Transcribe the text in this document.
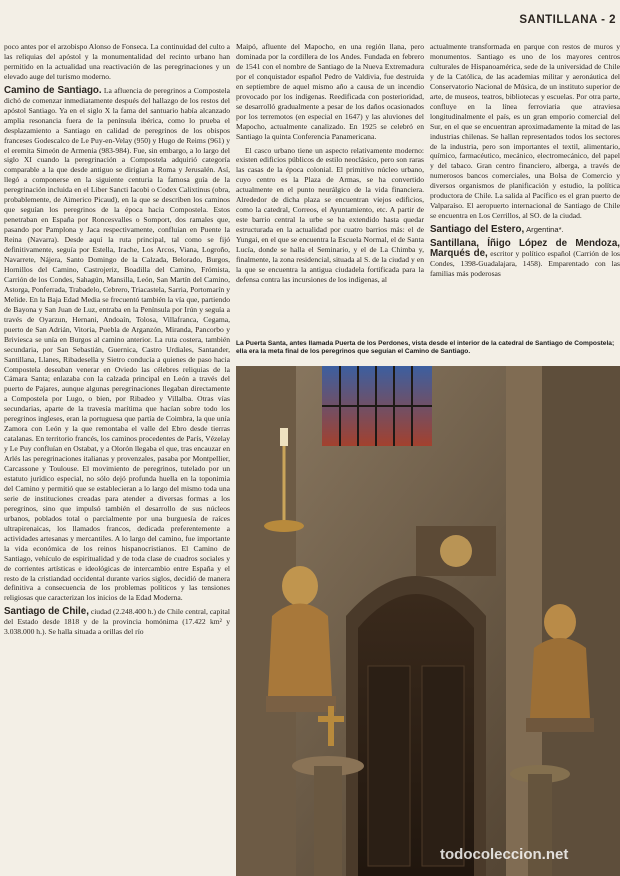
SANTILLANA - 2

poco antes por el arzobispo Alonso de Fonseca. La continuidad del culto a las reliquias del apóstol y la monumentalidad del recinto urbano han permitido en la actualidad una reactivación de las peregrinaciones y un elevado auge del turismo moderno.

Camino de Santiago. La afluencia de peregrinos a Compostela dichó de comenzar inmediatamente después del hallazgo de los restos del apóstol Santiago. Ya en el siglo X la fama del santuario había alcanzado amplia resonancia fuera de la península ibérica, como lo prueba el desplazamiento a Santiago en calidad de peregrinos de los obispos franceses Godescalco de Le Puy-en-Velay (950) y Hugo de Reims (961) y el eremita Simeón de Armenia (983-984). Fue, sin embargo, a lo largo del siglo XI cuando la peregrinación a Compostela adquirió categoría comparable a la que desde antiguo se dirigían a Roma y Jerusalén. Así, llegó a componerse en la siguiente centuria la famosa guía de la peregrinación incluida en el Liber Sancti Iacobi o Codex Calixtinus (obra, probablemente, de Aimerico Picaud), en la que se describen los caminos que seguían los peregrinos de la época hacia Compostela. Estos penetraban en España por Roncesvalles o Somport, dos ramales que, pasando por Pamplona y Jaca respectivamente, confluían en Puente la Reina (Navarra). Desde aquí la ruta principal, tal como se fijó definitivamente, seguía por Estella, Irache, Los Arcos, Viana, Logroño, Navarrete, Nájera, Santo Domingo de la Calzada, Belorado, Burgos, Hornillos del Camino, Castrojeriz, Boadilla del Camino, Frómista, Carrión de los Condes, Sahagún, Mansilla, León, San Martín del Camino, Astorga, Ponferrada, Trabadelo, Cebrero, Triacastela, Sarria, Portomarín y Melide. En la Baja Edad Media se frecuentó también la vía que, partiendo de Bayona y San Juan de Luz, entraba en la Península por Irún y seguía a través de Oyarzun, Hernani, Andoaín, Tolosa, Villafranca, Cegama, puerto de San Adrián, Vitoria, Puebla de Arganzón, Miranda, Pancorbo y Briviesca se unía en Burgos al camino anterior. La ruta costera, también secundaria, por San Sebastián, Guernica, Castro Urdiales, Santander, Santillana, Llanes, Ribadesella y Sietro conducía a quienes de paso hacia Compostela deseaban venerar en Oviedo las célebres reliquias de la Cámara Santa; enlazaba con la calzada principal en León a través del puerto de Pajares, aunque algunas peregrinaciones llegaban directamente a Compostela por Lugo, o bien, por Ribadeo y Villalba. Otras vías secundarias, aparte de la travesía marítima que hacían sobre todo los peregrinos ingleses, eran la portuguesa que partía de Coimbra, la que unía Zamora con León y la que remontaba el valle del Ebro desde tierras catalanas. En territorio francés, los caminos procedentes de París, Vézelay y Le Puy confluían en Ostabat, y a Olorón llegaba el que, tras encauzar en Arlés las peregrinaciones italianas y provenzales, pasaba por Montpellier, Carcassone y Toulouse. El movimiento de peregrinos, tutelado por un estatuto jurídico especial, no sólo dejó profunda huella en la toponimia del Camino y permitió que se establecieran a lo largo del mismo toda una serie de instituciones creadas para atender a diversas formas a los peregrinos, sino que impulsó también el desarrollo de sus núcleos urbanos, poblados total o parcialmente por una burguesía de raíces ultrapirenaicas, los llamados francos, dedicada preferentemente a actividades artesanas y mercantiles. A lo largo del camino, fue importante la vida económica de los reinos hispanocristianos. El Camino de Santiago, vehículo de espiritualidad y de toda clase de cuadros sociales y de corrientes artísticas e ideológicas de intercambio entre España y el resto de la cristiandad occidental durante varios siglos, decidió de manera definitiva a consecuencia de los problemas políticos y las tensiones religiosas que caracterizan los inicios de la Edad Moderna.

Santiago de Chile, ciudad (2.248.400 h.) de Chile central, capital del Estado desde 1818 y de la provincia homónima (17.422 km² y 3.038.000 h.). Se halla situada a orillas del río

Maipó, afluente del Mapocho, en una región llana, pero dominada por la cordillera de los Andes. Fundada en febrero de 1541 con el nombre de Santiago de la Nueva Extremadura por el conquistador español Pedro de Valdivia, fue destruida en septiembre de aquel mismo año a causa de un incendio provocado por los indígenas. Reedificada con posterioridad, se desarrolló gradualmente a pesar de los daños ocasionados por los terremotos (en especial en 1647) y las aluviones del Mapocho, actualmente canalizado. En 1925 se celebró en Santiago la quinta Conferencia Panamericana.

El casco urbano tiene un aspecto relativamente moderno: existen edificios públicos de estilo neoclásico, pero son raras las casas de la época colonial. El primitivo núcleo urbano, cuyo centro es la Plaza de Armas, se ha convertido actualmente en el punto neurálgico de la vida financiera. Alrededor de dicha plaza se encuentran viejos edificios, como la catedral, Correos, el Ayuntamiento, etc. A partir de este barrio central la urbe se ha extendido hasta quedar estructurada en la actualidad por cuatro barrios más: el de Yungai, en el que se encuentra la Escuela Normal, el de Santa Lucía, donde se halla el Seminario, y el de La Chimba y, finalmente, la zona residencial, situada al S. de la ciudad y en la que se encuentra la antigua ciudadela fortificada para la defensa contra las incursiones de los indígenas, al

actualmente transformada en parque con restos de muros y monumentos. Santiago es uno de los mayores centros culturales de Hispanoamérica, sede de la universidad de Chile y de la Católica, de las academias militar y aeronáutica del Conservatorio Nacional de Música, de un instituto superior de arte, de museos, teatros, bibliotecas y escuelas. Por otra parte, confluye en la línea ferroviaria que atraviesa longitudinalmente el país, es un gran emporio comercial del Sur, en el que se encuentran aproximadamente la mitad de las industrias chilenas. Se hallan representados todos los sectores de la industria, pero son importantes el textil, alimentario, químico, farmacéutico, mecánico, electromecánico, del papel y del tabaco. Gran centro financiero, alberga, a través de numerosos bancos comerciales, una Bolsa de Comercio y diversos organismos de planificación y estudio, la política productora de Chile. La salida al Pacífico es el gran puerto de Valparaíso. El aeropuerto internacional de Santiago de Chile se encuentra en Los Cerrillos, al SO. de la ciudad.

Santiago del Estero, Argentina*.

Santillana, Íñigo López de Mendoza, Marqués de, escritor y político español (Carrión de los Condes, 1398-Guadalajara, 1458). Emparentado con las familias más poderosas

La Puerta Santa, antes llamada Puerta de los Perdones, vista desde el interior de la catedral de Santiago de Compostela; ella era la meta final de los peregrinos que seguían el Camino de Santiago.
todocoleccion.net
